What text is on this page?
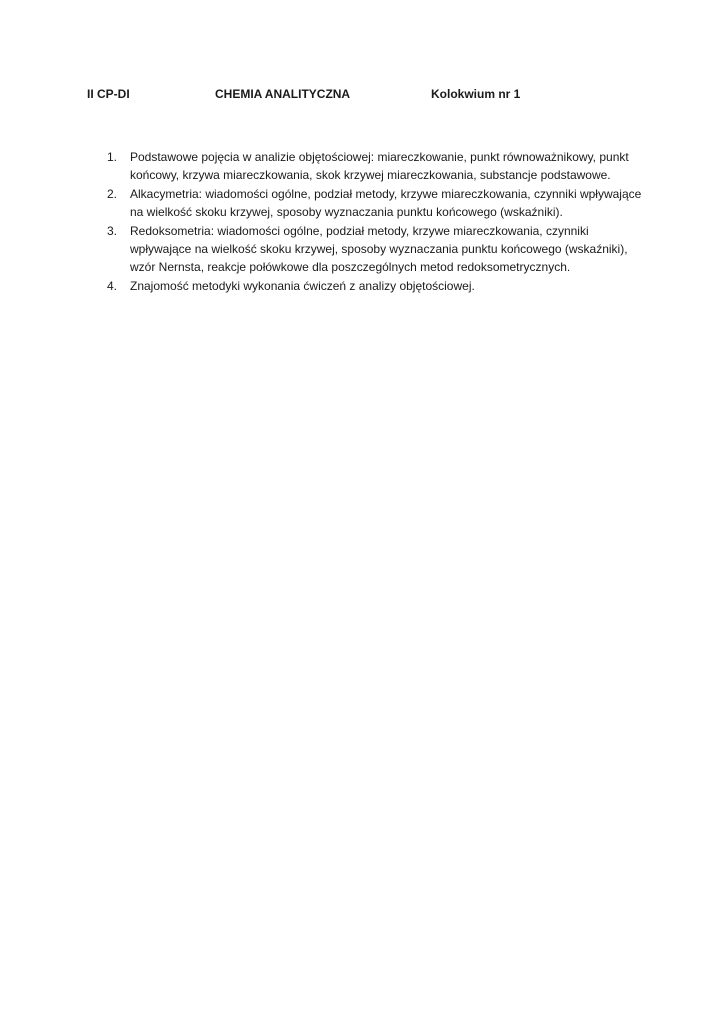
II CP-DI	CHEMIA ANALITYCZNA	Kolokwium nr 1
1. Podstawowe pojęcia w analizie objętościowej: miareczkowanie, punkt równoważnikowy, punkt końcowy, krzywa miareczkowania, skok krzywej miareczkowania, substancje podstawowe.
2. Alkacymetria: wiadomości ogólne, podział metody, krzywe miareczkowania, czynniki wpływające na wielkość skoku krzywej, sposoby wyznaczania punktu końcowego (wskaźniki).
3. Redoksometria: wiadomości ogólne, podział metody, krzywe miareczkowania, czynniki wpływające na wielkość skoku krzywej, sposoby wyznaczania punktu końcowego (wskaźniki), wzór Nernsta, reakcje połówkowe dla poszczególnych metod redoksometrycznych.
4. Znajomość metodyki wykonania ćwiczeń z analizy objętościowej.
